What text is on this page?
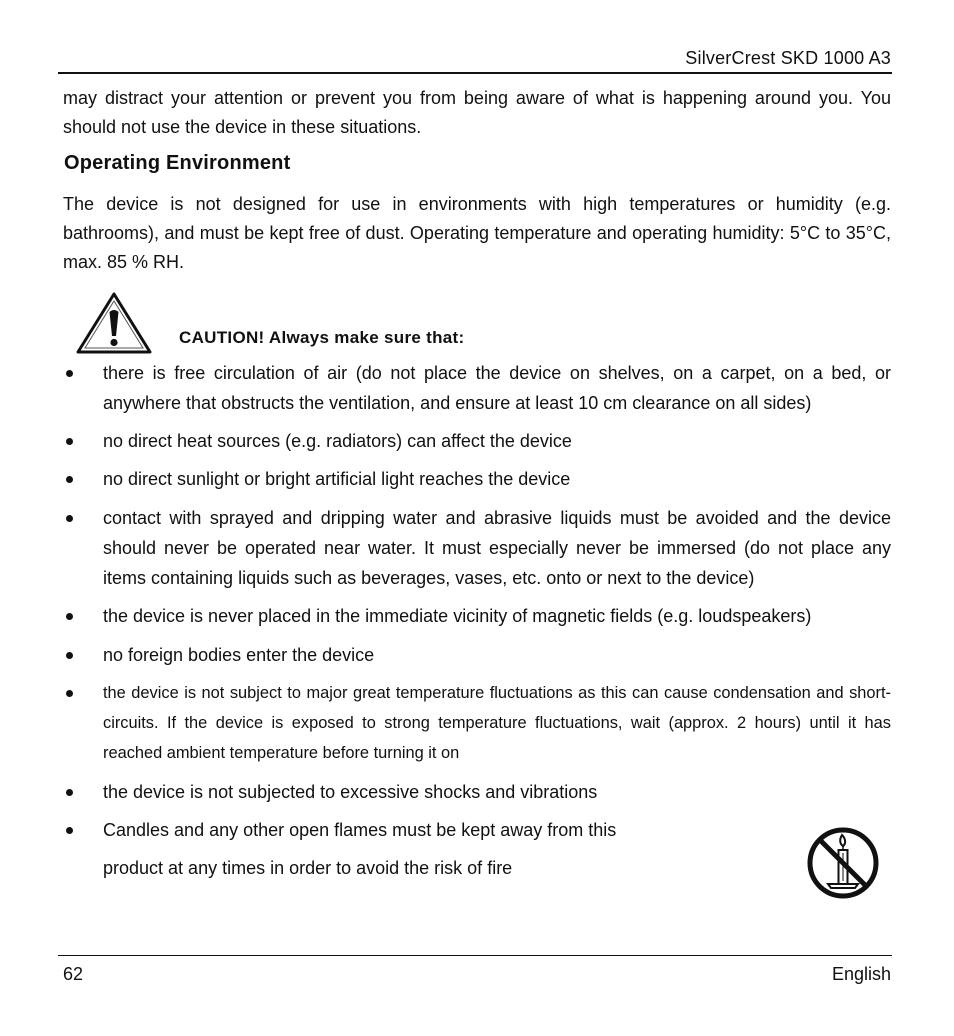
SilverCrest SKD 1000 A3
may distract your attention or prevent you from being aware of what is happening around you. You should not use the device in these situations.
Operating Environment
The device is not designed for use in environments with high temperatures or humidity (e.g. bathrooms), and must be kept free of dust. Operating temperature and operating humidity: 5°C to 35°C, max. 85 % RH.
CAUTION! Always make sure that:
there is free circulation of air (do not place the device on shelves, on a carpet, on a bed, or anywhere that obstructs the ventilation, and ensure at least 10 cm clearance on all sides)
no direct heat sources (e.g. radiators) can affect the device
no direct sunlight or bright artificial light reaches the device
contact with sprayed and dripping water and abrasive liquids must be avoided and the device should never be operated near water. It must especially never be immersed (do not place any items containing liquids such as beverages, vases, etc. onto or next to the device)
the device is never placed in the immediate vicinity of magnetic fields (e.g. loudspeakers)
no foreign bodies enter the device
the device is not subject to major great temperature fluctuations as this can cause condensation and short-circuits. If the device is exposed to strong temperature fluctuations, wait (approx. 2 hours) until it has reached ambient temperature before turning it on
the device is not subjected to excessive shocks and vibrations
Candles and any other open flames must be kept away from this
product at any times in order to avoid the risk of fire
62	English
